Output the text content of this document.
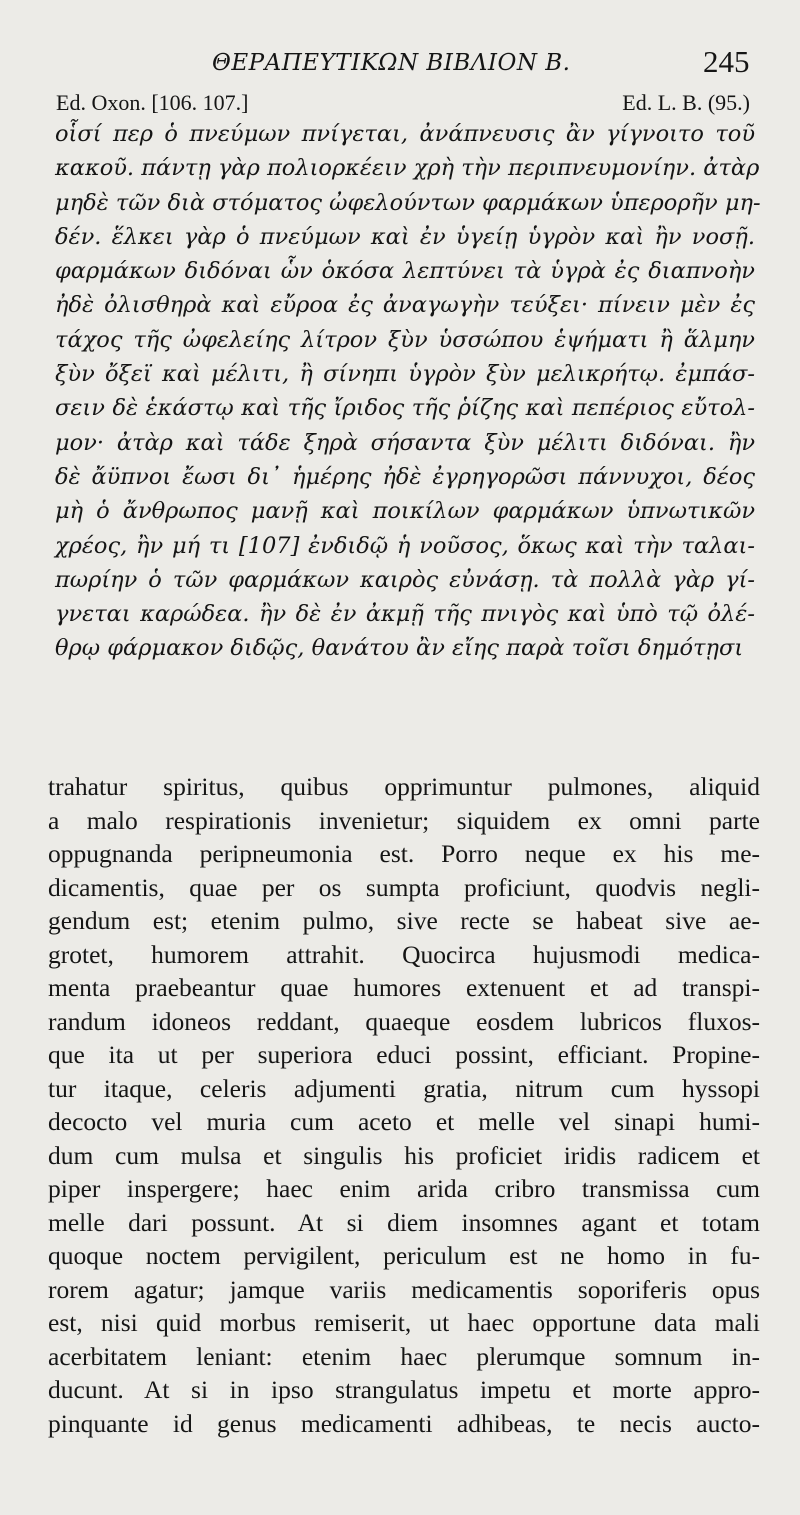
ΘΕΡΑΠΕΥΤΙΚΩΝ ΒΙΒΛΙΟΝ Β.	245
Ed. Oxon. [106. 107.]	Ed. L. B. (95.)
οἷσί περ ὁ πνεύμων πνίγεται, ἀνάπνευσις ἂν γίγνοιτο τοῦ
κακοῦ. πάντῃ γὰρ πολιορκέειν χρὴ τὴν περιπνευμονίην. ἀτὰρ
μηδὲ τῶν διὰ στόματος ὠφελούντων φαρμάκων ὑπερορῆν μη-
δέν. ἕλκει γὰρ ὁ πνεύμων καὶ ἐν ὑγείῃ ὑγρὸν καὶ ἢν νοσῇ.
φαρμάκων διδόναι ὧν ὁκόσα λεπτύνει τὰ ὑγρὰ ἐς διαπνοὴν
ἠδὲ ὀλισθηρὰ καὶ εὔροα ἐς ἀναγωγὴν τεύξει· πίνειν μὲν ἐς
τάχος τῆς ὠφελείης λίτρον ξὺν ὑσσώπου ἑψήματι ἢ ἅλμην
ξὺν ὄξεϊ καὶ μέλιτι, ἢ σίνηπι ὑγρὸν ξὺν μελικρήτῳ. ἐμπάσ-
σειν δὲ ἑκάστῳ καὶ τῆς ἴριδος τῆς ῥίζης καὶ πεπέριος εὔτολ-
μον· ἀτὰρ καὶ τάδε ξηρὰ σήσαντα ξὺν μέλιτι διδόναι. ἢν
δὲ ἄϋπνοι ἔωσι δι᾽ ἡμέρης ἠδὲ ἐγρηγορῶσι πάννυχοι, δέος
μὴ ὁ ἄνθρωπος μανῇ καὶ ποικίλων φαρμάκων ὑπνωτικῶν
χρέος, ἢν μή τι [107] ἐνδιδῷ ἡ νοῦσος, ὅκως καὶ τὴν ταλαι-
πωρίην ὁ τῶν φαρμάκων καιρὸς εὐνάσῃ. τὰ πολλὰ γὰρ γί-
γνεται καρώδεα. ἢν δὲ ἐν ἀκμῇ τῆς πνιγὸς καὶ ὑπὸ τῷ ὀλέ-
θρῳ φάρμακον διδῷς, θανάτου ἂν εἴης παρὰ τοῖσι δημότῃσι
trahatur spiritus, quibus opprimuntur pulmones, aliquid
a malo respirationis invenietur; siquidem ex omni parte
oppugnanda peripneumonia est. Porro neque ex his me-
dicamentis, quae per os sumpta proficiunt, quodvis negli-
gendum est; etenim pulmo, sive recte se habeat sive ae-
grotet, humorem attrahit. Quocirca hujusmodi medica-
menta praebeantur quae humores extenuent et ad transpi-
randum idoneos reddant, quaeque eosdem lubricos fluxos-
que ita ut per superiora educi possint, efficiant. Propine-
tur itaque, celeris adjumenti gratia, nitrum cum hyssopi
decocto vel muria cum aceto et melle vel sinapi humi-
dum cum mulsa et singulis his proficiet iridis radicem et
piper inspergere; haec enim arida cribro transmissa cum
melle dari possunt. At si diem insomnes agant et totam
quoque noctem pervigilent, periculum est ne homo in fu-
rorem agatur; jamque variis medicamentis soporiferis opus
est, nisi quid morbus remiserit, ut haec opportune data mali
acerbitatem leniant: etenim haec plerumque somnum in-
ducunt. At si in ipso strangulatus impetu et morte appro-
pinquante id genus medicamenti adhibeas, te necis aucto-
